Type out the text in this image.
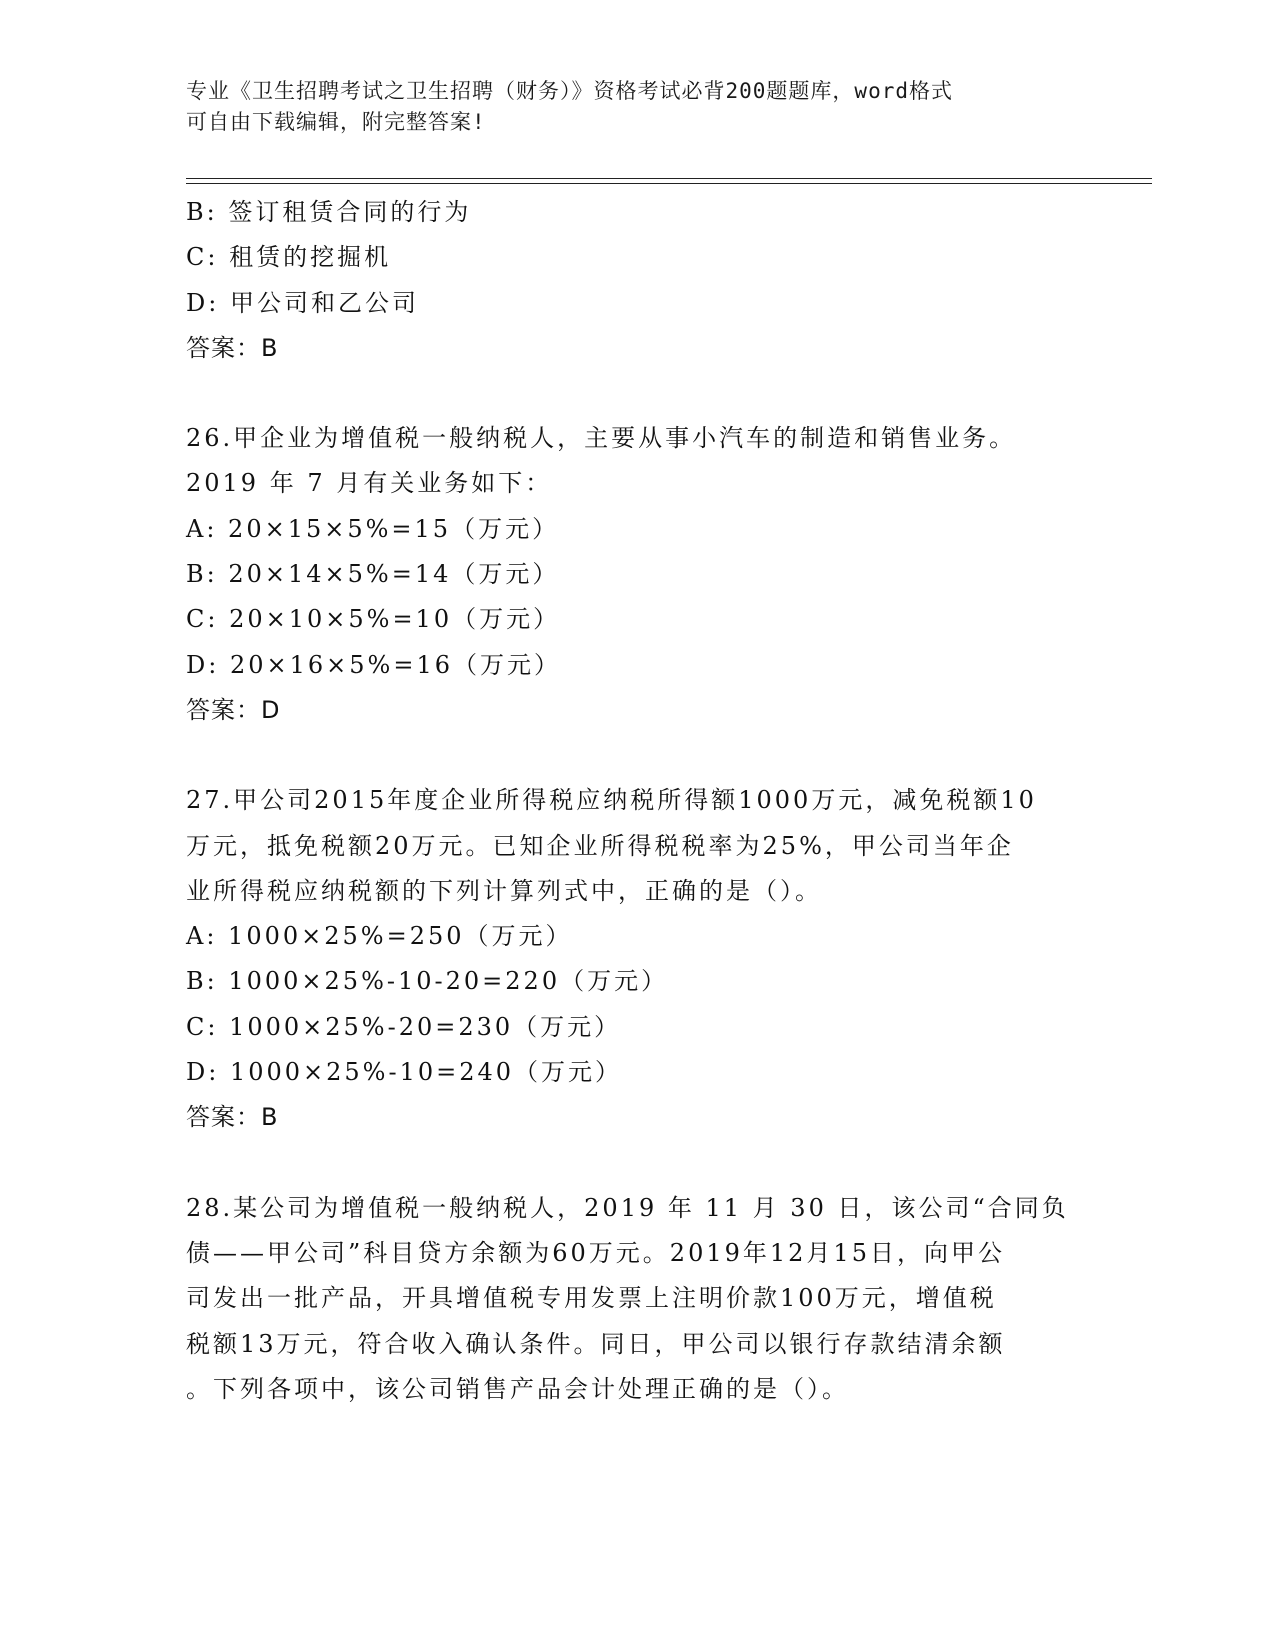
专业《卫生招聘考试之卫生招聘（财务）》资格考试必背200题题库，word格式
可自由下载编辑，附完整答案!
B: 签订租赁合同的行为
C: 租赁的挖掘机
D: 甲公司和乙公司
答案：B
26.甲企业为增值税一般纳税人，主要从事小汽车的制造和销售业务。
2019 年 7 月有关业务如下：
A: 20×15×5%=15（万元）
B: 20×14×5%=14（万元）
C: 20×10×5%=10（万元）
D: 20×16×5%=16（万元）
答案：D
27.甲公司2015年度企业所得税应纳税所得额1000万元，减免税额10
万元，抵免税额20万元。已知企业所得税税率为25%，甲公司当年企
业所得税应纳税额的下列计算列式中，正确的是（）。
A: 1000×25%=250（万元）
B: 1000×25%-10-20=220（万元）
C: 1000×25%-20=230（万元）
D: 1000×25%-10=240（万元）
答案：B
28.某公司为增值税一般纳税人，2019 年 11 月 30 日，该公司“合同负
债——甲公司”科目贷方余额为60万元。2019年12月15日，向甲公
司发出一批产品，开具增值税专用发票上注明价款100万元，增值税
税额13万元，符合收入确认条件。同日，甲公司以银行存款结清余额
。下列各项中，该公司销售产品会计处理正确的是（）。
